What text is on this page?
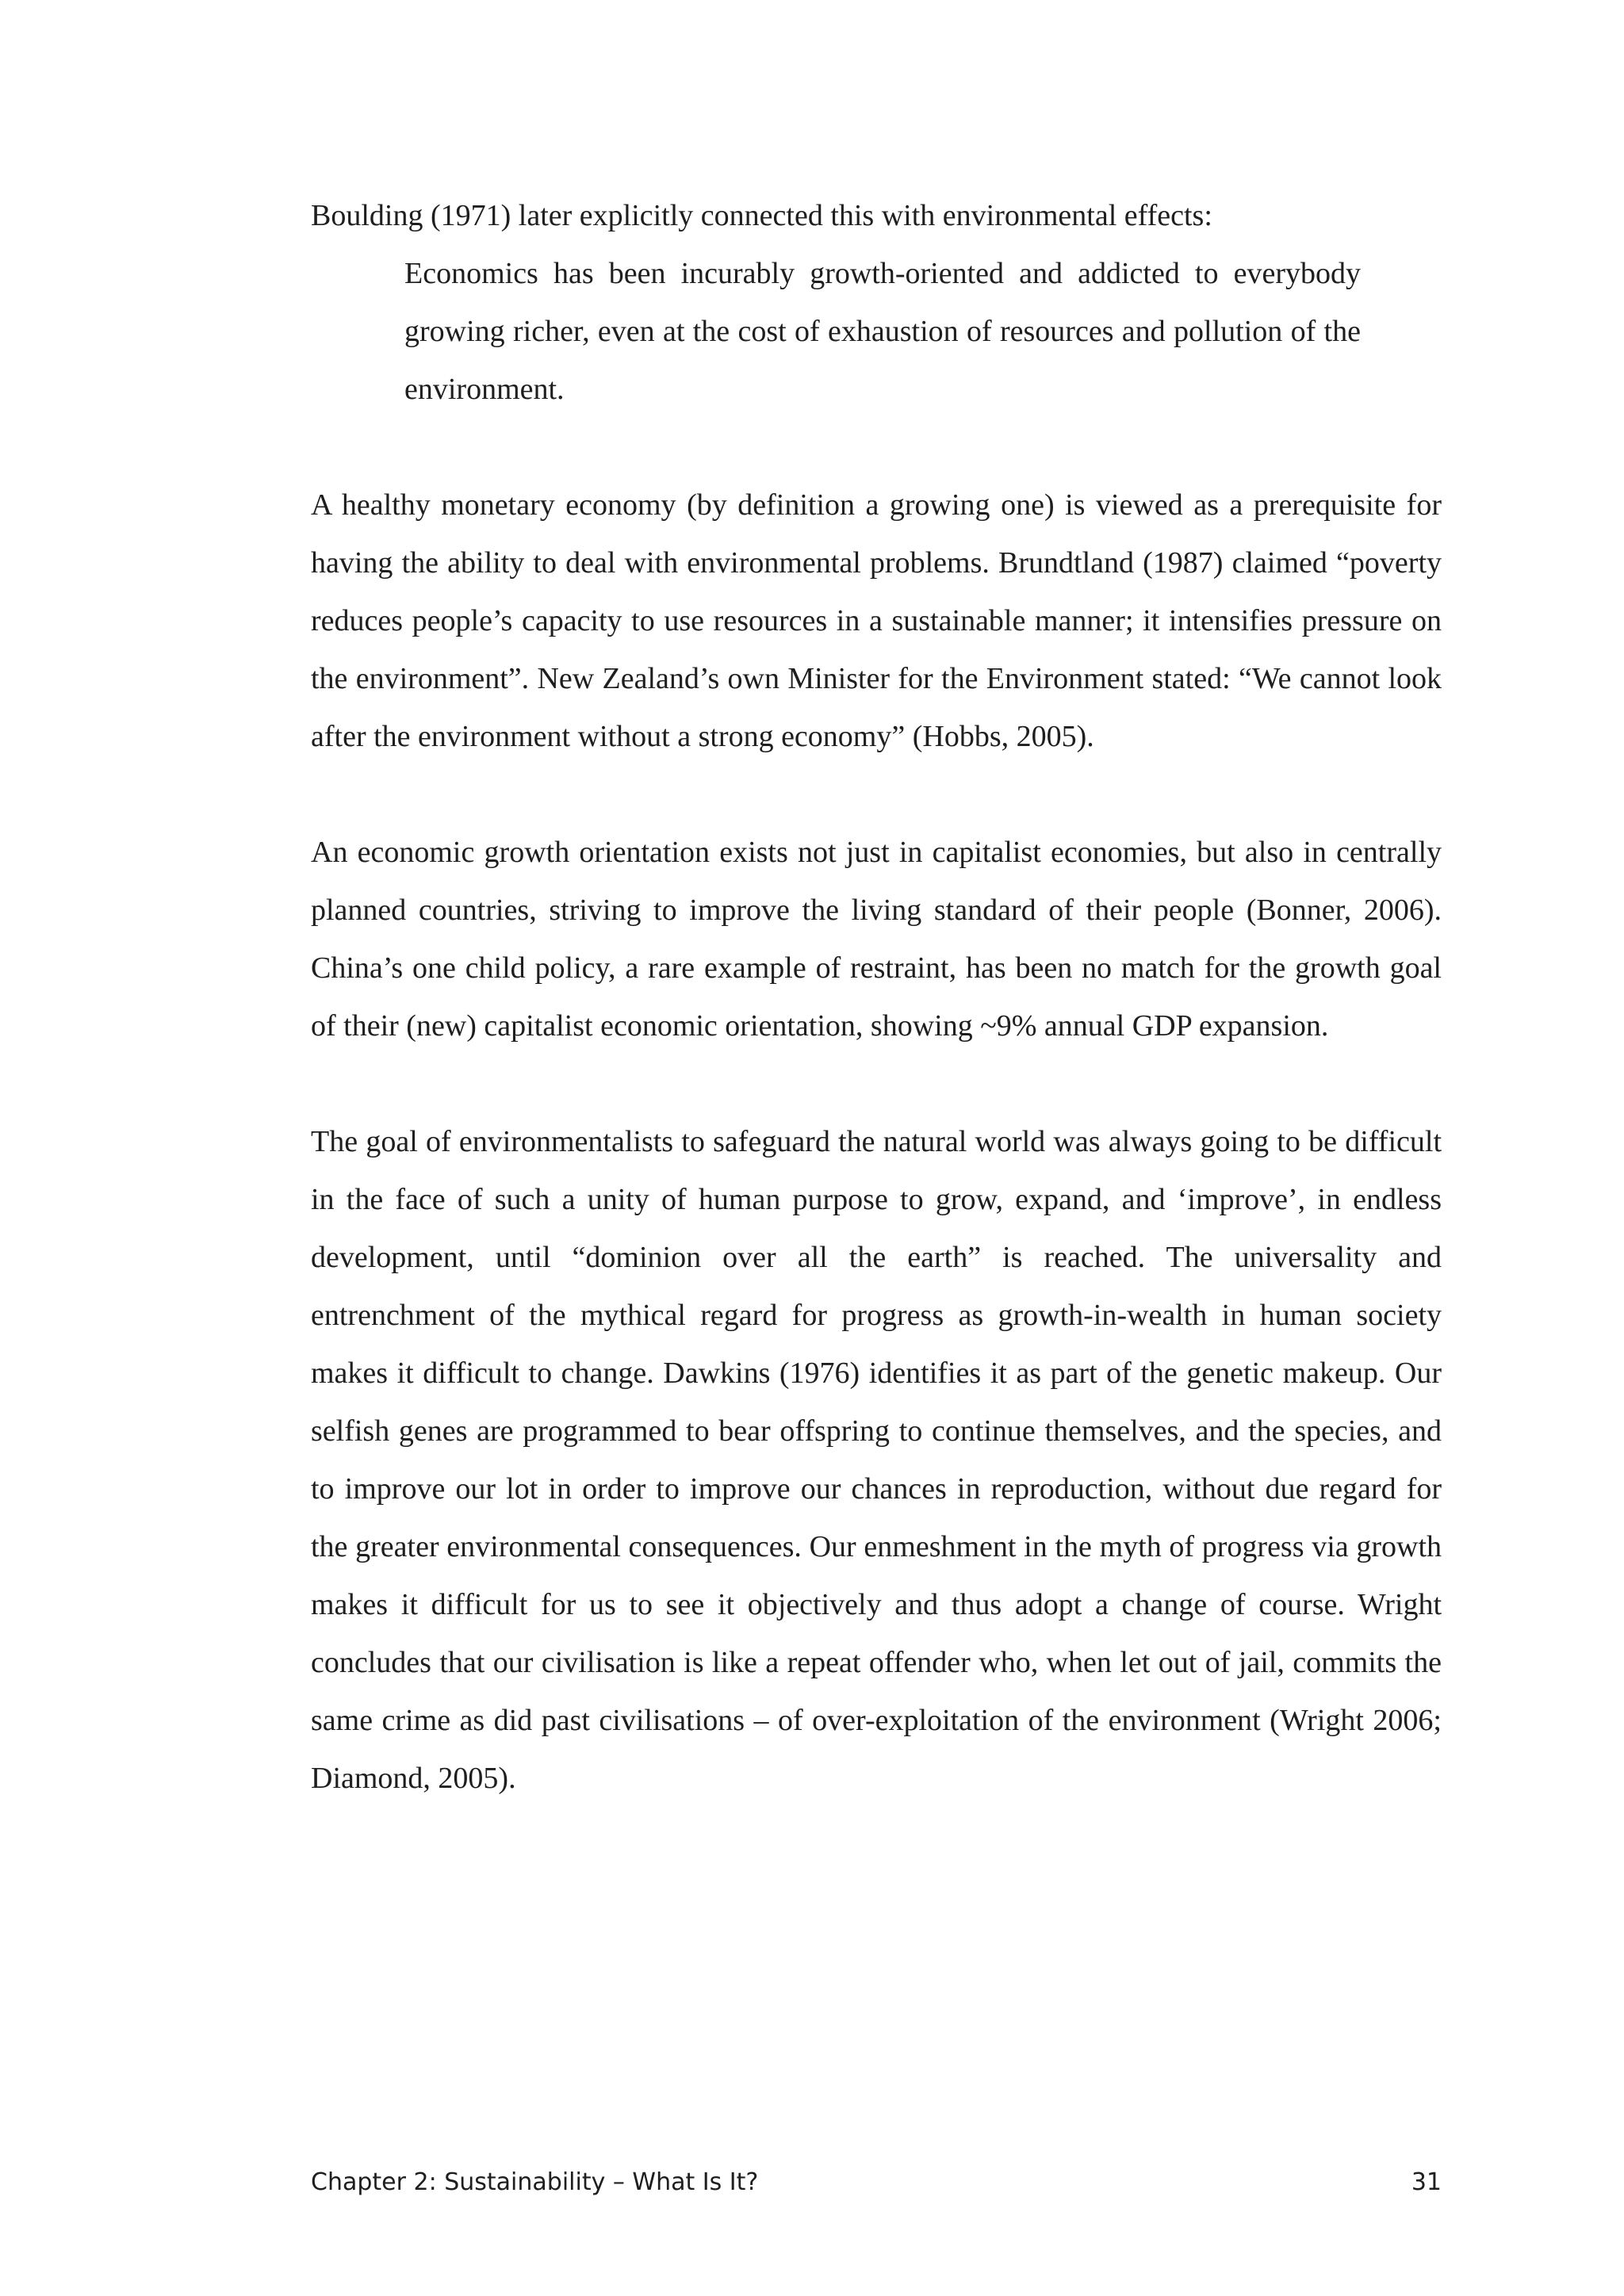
Boulding (1971) later explicitly connected this with environmental effects:

Economics has been incurably growth-oriented and addicted to everybody growing richer, even at the cost of exhaustion of resources and pollution of the environment.

A healthy monetary economy (by definition a growing one) is viewed as a prerequisite for having the ability to deal with environmental problems. Brundtland (1987) claimed “poverty reduces people’s capacity to use resources in a sustainable manner; it intensifies pressure on the environment”. New Zealand’s own Minister for the Environment stated: “We cannot look after the environment without a strong economy” (Hobbs, 2005).

An economic growth orientation exists not just in capitalist economies, but also in centrally planned countries, striving to improve the living standard of their people (Bonner, 2006). China’s one child policy, a rare example of restraint, has been no match for the growth goal of their (new) capitalist economic orientation, showing ~9% annual GDP expansion.

The goal of environmentalists to safeguard the natural world was always going to be difficult in the face of such a unity of human purpose to grow, expand, and ‘improve’, in endless development, until “dominion over all the earth” is reached. The universality and entrenchment of the mythical regard for progress as growth-in-wealth in human society makes it difficult to change. Dawkins (1976) identifies it as part of the genetic makeup. Our selfish genes are programmed to bear offspring to continue themselves, and the species, and to improve our lot in order to improve our chances in reproduction, without due regard for the greater environmental consequences. Our enmeshment in the myth of progress via growth makes it difficult for us to see it objectively and thus adopt a change of course. Wright concludes that our civilisation is like a repeat offender who, when let out of jail, commits the same crime as did past civilisations – of over-exploitation of the environment (Wright 2006; Diamond, 2005).

Chapter 2: Sustainability – What Is It?	31
